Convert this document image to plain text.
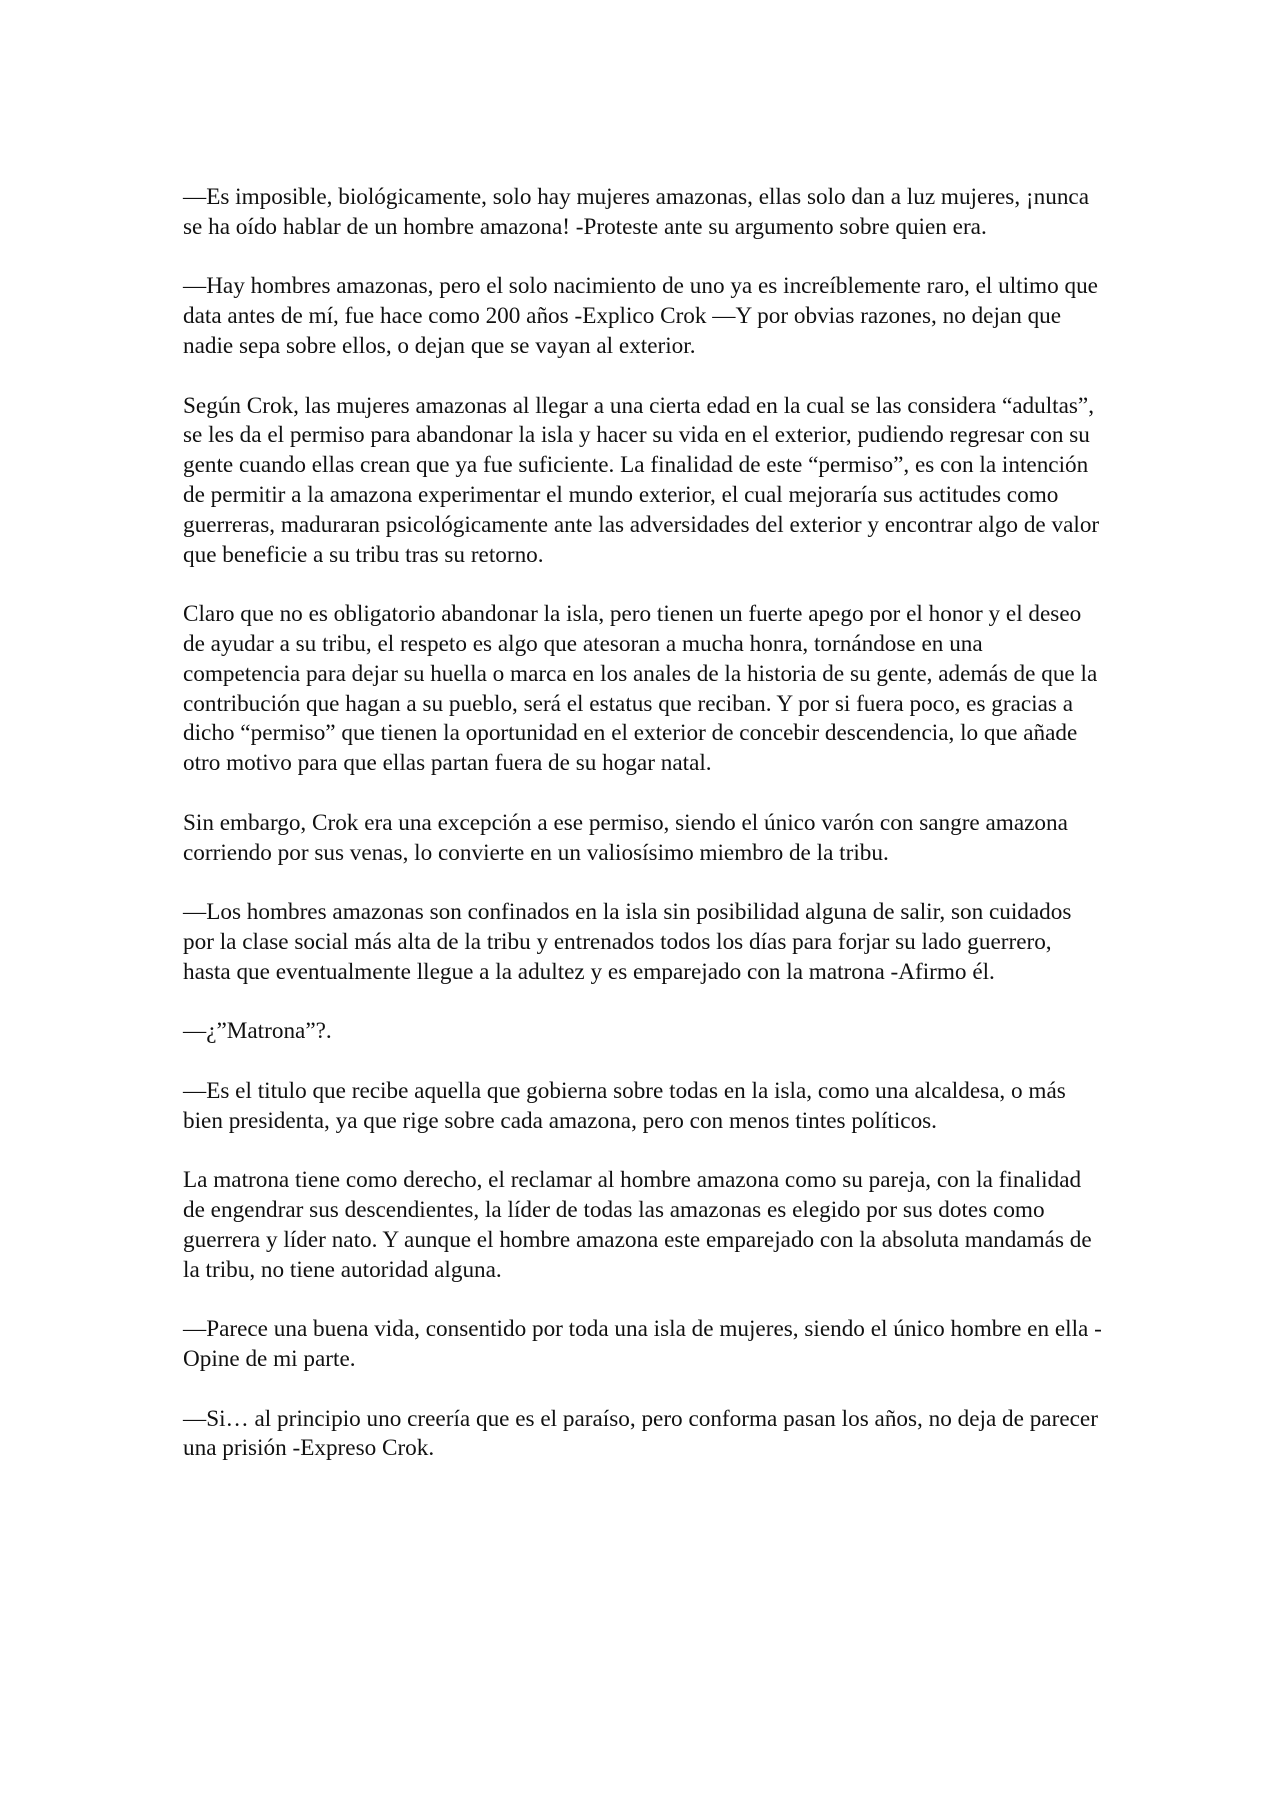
—Es imposible, biológicamente, solo hay mujeres amazonas, ellas solo dan a luz mujeres, ¡nunca se ha oído hablar de un hombre amazona! -Proteste ante su argumento sobre quien era.

—Hay hombres amazonas, pero el solo nacimiento de uno ya es increíblemente raro, el ultimo que data antes de mí, fue hace como 200 años -Explico Crok —Y por obvias razones, no dejan que nadie sepa sobre ellos, o dejan que se vayan al exterior.

Según Crok, las mujeres amazonas al llegar a una cierta edad en la cual se las considera “adultas”, se les da el permiso para abandonar la isla y hacer su vida en el exterior, pudiendo regresar con su gente cuando ellas crean que ya fue suficiente. La finalidad de este “permiso”, es con la intención de permitir a la amazona experimentar el mundo exterior, el cual mejoraría sus actitudes como guerreras, maduraran psicológicamente ante las adversidades del exterior y encontrar algo de valor que beneficie a su tribu tras su retorno.

Claro que no es obligatorio abandonar la isla, pero tienen un fuerte apego por el honor y el deseo de ayudar a su tribu, el respeto es algo que atesoran a mucha honra, tornándose en una competencia para dejar su huella o marca en los anales de la historia de su gente, además de que la contribución que hagan a su pueblo, será el estatus que reciban. Y por si fuera poco, es gracias a dicho “permiso” que tienen la oportunidad en el exterior de concebir descendencia, lo que añade otro motivo para que ellas partan fuera de su hogar natal.

Sin embargo, Crok era una excepción a ese permiso, siendo el único varón con sangre amazona corriendo por sus venas, lo convierte en un valiosísimo miembro de la tribu.

—Los hombres amazonas son confinados en la isla sin posibilidad alguna de salir, son cuidados por la clase social más alta de la tribu y entrenados todos los días para forjar su lado guerrero, hasta que eventualmente llegue a la adultez y es emparejado con la matrona -Afirmo él.

—¿”Matrona”?.

—Es el titulo que recibe aquella que gobierna sobre todas en la isla, como una alcaldesa, o más bien presidenta, ya que rige sobre cada amazona, pero con menos tintes políticos.

La matrona tiene como derecho, el reclamar al hombre amazona como su pareja, con la finalidad de engendrar sus descendientes, la líder de todas las amazonas es elegido por sus dotes como guerrera y líder nato. Y aunque el hombre amazona este emparejado con la absoluta mandamás de la tribu, no tiene autoridad alguna.

—Parece una buena vida, consentido por toda una isla de mujeres, siendo el único hombre en ella -Opine de mi parte.

—Si… al principio uno creería que es el paraíso, pero conforma pasan los años, no deja de parecer una prisión -Expreso Crok.
